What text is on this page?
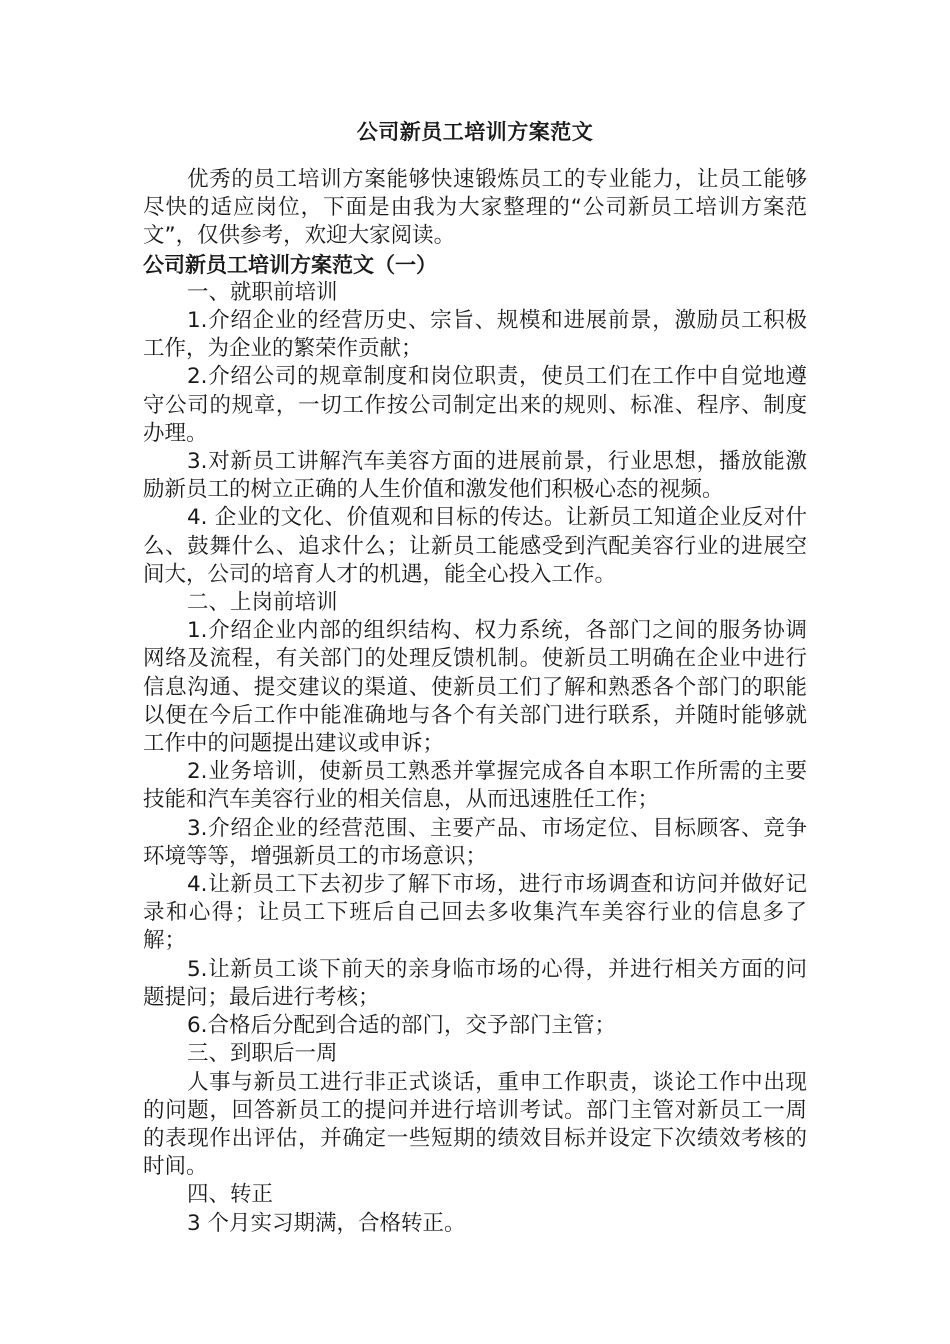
公司新员工培训方案范文

优秀的员工培训方案能够快速锻炼员工的专业能力，让员工能够尽快的适应岗位，下面是由我为大家整理的“公司新员工培训方案范文”，仅供参考，欢迎大家阅读。

公司新员工培训方案范文（一）

一、就职前培训

1.介绍企业的经营历史、宗旨、规模和进展前景，激励员工积极工作，为企业的繁荣作贡献；

2.介绍公司的规章制度和岗位职责，使员工们在工作中自觉地遵守公司的规章，一切工作按公司制定出来的规则、标准、程序、制度办理。

3.对新员工讲解汽车美容方面的进展前景，行业思想，播放能激励新员工的树立正确的人生价值和激发他们积极心态的视频。

4. 企业的文化、价值观和目标的传达。让新员工知道企业反对什么、鼓舞什么、追求什么；让新员工能感受到汽配美容行业的进展空间大，公司的培育人才的机遇，能全心投入工作。

二、上岗前培训

1.介绍企业内部的组织结构、权力系统，各部门之间的服务协调网络及流程，有关部门的处理反馈机制。使新员工明确在企业中进行信息沟通、提交建议的渠道、使新员工们了解和熟悉各个部门的职能以便在今后工作中能准确地与各个有关部门进行联系，并随时能够就工作中的问题提出建议或申诉；

2.业务培训，使新员工熟悉并掌握完成各自本职工作所需的主要技能和汽车美容行业的相关信息，从而迅速胜任工作；

3.介绍企业的经营范围、主要产品、市场定位、目标顾客、竞争环境等等，增强新员工的市场意识；

4.让新员工下去初步了解下市场，进行市场调查和访问并做好记录和心得；让员工下班后自己回去多收集汽车美容行业的信息多了解；

5.让新员工谈下前天的亲身临市场的心得，并进行相关方面的问题提问；最后进行考核；

6.合格后分配到合适的部门，交予部门主管；

三、到职后一周

人事与新员工进行非正式谈话，重申工作职责，谈论工作中出现的问题，回答新员工的提问并进行培训考试。部门主管对新员工一周的表现作出评估，并确定一些短期的绩效目标并设定下次绩效考核的时间。

四、转正

3 个月实习期满，合格转正。
